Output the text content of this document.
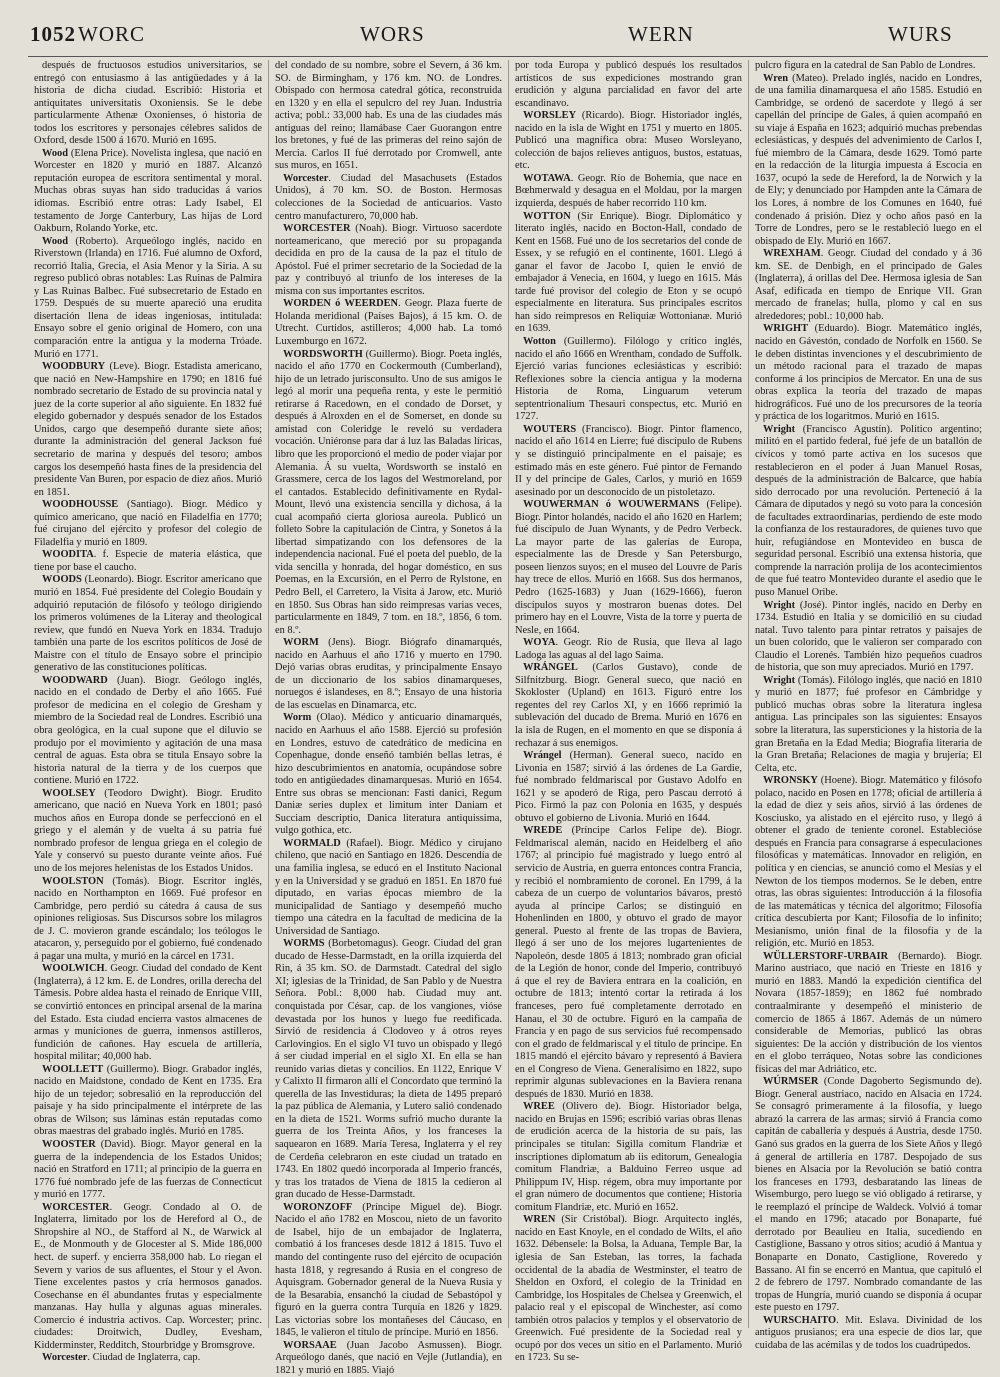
1052 WORC	WORS	WERN	WURS

después de fructuosos estudios universitarios, se entregó con entusiasmo á las antigüedades y á la historia de dicha ciudad. Escribió: Historia et antiquitates universitatis Oxoniensis. Se le debe particularmente Athenæ Oxonienses, ó historia de todos los escritores y personajes célebres salidos de Oxford, desde 1500 á 1670. Murió en 1695.

Wood (Elena Price). Novelista inglesa, que nació en Worcester en 1820 y murió en 1887. Alcanzó reputación europea de escritora sentimental y moral. Muchas obras suyas han sido traducidas á varios idiomas. Escribió entre otras: Lady Isabel, El testamento de Jorge Canterbury, Las hijas de Lord Oakburn, Rolando Yorke, etc.

Wood (Roberto). Arqueólogo inglés, nacido en Riverstown (Irlanda) en 1716. Fué alumno de Oxford, recorrió Italia, Grecia, el Asia Menor y la Siria. A su regreso publicó obras notables: Las Ruinas de Palmira y Las Ruinas Balbec. Fué subsecretario de Estado en 1759. Después de su muerte apareció una erudita disertación llena de ideas ingeniosas, intitulada: Ensayo sobre el genio original de Homero, con una comparación entre la antigua y la moderna Tróade. Murió en 1771.

WOODBURY (Leve). Biogr. Estadista americano, que nació en New-Hampshire en 1790; en 1816 fué nombrado secretario de Estado de su provincia natal y juez de la corte superior al año siguiente. En 1832 fué elegido gobernador y después senador de los Estados Unidos, cargo que desempeñó durante siete años; durante la administración del general Jackson fué secretario de marina y después del tesoro; ambos cargos los desempeñó hasta fines de la presidencia del presidente Van Buren, por espacio de diez años. Murió en 1851.

WOODHOUSSE (Santiago). Biogr. Médico y químico americano, que nació en Filadelfia en 1770; fué cirujano del ejército y profesor del colegio de Filadelfia y murió en 1809.

WOODITA. f. Especie de materia elástica, que tiene por base el caucho.

WOODS (Leonardo). Biogr. Escritor americano que murió en 1854. Fué presidente del Colegio Boudain y adquirió reputación de filósofo y teólogo dirigiendo los primeros volúmenes de la Literay and theological review, que fundó en Nueva York en 1834. Tradujo también una parte de los escritos políticos de José de Maistre con el título de Ensayo sobre el principio generativo de las constituciones políticas.

WOODWARD (Juan). Biogr. Geólogo inglés, nacido en el condado de Derby el año 1665. Fué profesor de medicina en el colegio de Gresham y miembro de la Sociedad real de Londres. Escribió una obra geológica, en la cual supone que el diluvio se produjo por el movimiento y agitación de una masa central de aguas. Esta obra se titula Ensayo sobre la historia natural de la tierra y de los cuerpos que contiene. Murió en 1722.

WOOLSEY (Teodoro Dwight). Biogr. Erudito americano, que nació en Nueva York en 1801; pasó muchos años en Europa donde se perfeccionó en el griego y el alemán y de vuelta á su patria fué nombrado profesor de lengua griega en el colegio de Yale y conservó su puesto durante veinte años. Fué uno de los mejores helenistas de los Estados Unidos.

WOOLSTON (Tomás). Biogr. Escritor inglés, nacido en Northampton en 1669. Fué profesor en Cambridge, pero perdió su cátedra á causa de sus opiniones religiosas. Sus Discursos sobre los milagros de J. C. movieron grande escándalo; los teólogos le atacaron, y, perseguido por el gobierno, fué condenado á pagar una multa, y murió en la cárcel en 1731.

WOOLWICH. Geogr. Ciudad del condado de Kent (Inglaterra), á 12 km. E. de Londres, orilla derecha del Támesis. Pobre aldea hasta el reinado de Enrique VIII, se convirtió entonces en principal arsenal de la marina del Estado. Esta ciudad encierra vastos almacenes de armas y municiones de guerra, inmensos astilleros, fundición de cañones. Hay escuela de artillería, hospital militar; 40,000 hab.

WOOLLETT (Guillermo). Biogr. Grabador inglés, nacido en Maidstone, condado de Kent en 1735. Era hijo de un tejedor; sobresalió en la reproducción del paisaje y ha sido principalmente el intérprete de las obras de Wilson; sus láminas están reputadas como obras maestras del grabado inglés. Murió en 1785.

WOOSTER (David). Biogr. Mayor general en la guerra de la independencia de los Estados Unidos; nació en Stratford en 1711; al principio de la guerra en 1776 fué nombrado jefe de las fuerzas de Connecticut y murió en 1777.

WORCESTER. Geogr. Condado al O. de Inglaterra, limitado por los de Hereford al O., de Shropshire al NO., de Stafford al N., de Warwick al E., de Monmouth y de Glocester al S. Mide 186,000 hect. de superf. y encierra 358,000 hab. Lo riegan el Severn y varios de sus afluentes, el Stour y el Avon. Tiene excelentes pastos y cría hermosos ganados. Cosechanse en él abundantes frutas y especialmente manzanas. Hay hulla y algunas aguas minerales. Comercio é industria activos. Cap. Worcester; princ. ciudades: Droitwich, Dudley, Evesham, Kidderminster, Redditch, Stourbridge y Bromsgrove.

Worcester. Ciudad de Inglaterra, cap.

del condado de su nombre, sobre el Severn, á 36 km. SO. de Birmingham, y 176 km. NO. de Londres. Obispado con hermosa catedral gótica, reconstruida en 1320 y en ella el sepulcro del rey Juan. Industria activa; pobl.: 33,000 hab. Es una de las ciudades más antiguas del reino; llamábase Caer Guorangon entre los bretones, y fué de las primeras del reino sajón de Mercia. Carlos II fué derrotado por Cromwell, ante sus muros, en 1651.

Worcester. Ciudad del Masachusets (Estados Unidos), á 70 km. SO. de Boston. Hermosas colecciones de la Sociedad de anticuarios. Vasto centro manufacturero, 70,000 hab.

WORCESTER (Noah). Biogr. Virtuoso sacerdote norteamericano, que mereció por su propaganda decidida en pro de la causa de la paz el título de Apóstol. Fué el primer secretario de la Sociedad de la paz y contribuyó al triunfo de los intereses de la misma con sus importantes escritos.

WORDEN ó WEERDEN. Geogr. Plaza fuerte de Holanda meridional (Países Bajos), á 15 km. O. de Utrecht. Curtidos, astilleros; 4,000 hab. La tomó Luxemburgo en 1672.

WORDSWORTH (Guillermo). Biogr. Poeta inglés, nacido el año 1770 en Cockermouth (Cumberland), hijo de un letrado jurisconsulto. Uno de sus amigos le legó al morir una pequeña renta, y este le permitió retirarse á Racedown, en el condado de Dorset, y después á Alroxden en el de Somerset, en donde su amistad con Coleridge le reveló su verdadera vocación. Uniéronse para dar á luz las Baladas líricas, libro que les proporcionó el medio de poder viajar por Alemania. Á su vuelta, Wordsworth se instaló en Grassmere, cerca de los lagos del Westmoreland, por el cantados. Establecido definitivamente en Rydal-Mount, llevó una existencia sencilla y dichosa, á la cual acompañó cierta gloriosa aureola. Publicó un folleto Sobre la capitulación de Cintra, y Sonetos á la libertad simpatizando con los defensores de la independencia nacional. Fué el poeta del pueblo, de la vida sencilla y honrada, del hogar doméstico, en sus Poemas, en la Excursión, en el Perro de Rylstone, en Pedro Bell, el Carretero, la Visita á Jarow, etc. Murió en 1850. Sus Obras han sido reimpresas varias veces, particularmente en 1849, 7 tom. en 18.º, 1856, 6 tom. en 8.º.

WORM (Jens). Biogr. Biógrafo dinamarqués, nacido en Aarhuus el año 1716 y muerto en 1790. Dejó varias obras eruditas, y principalmente Ensayo de un diccionario de los sabios dinamarqueses, noruegos é islandeses, en 8.º; Ensayo de una historia de las escuelas en Dinamarca, etc.

Worm (Olao). Médico y anticuario dinamarqués, nacido en Aarhuus el año 1588. Ejerció su profesión en Londres, estuvo de catedrático de medicina en Copenhague, donde enseñó también bellas letras, é hizo descubrimientos en anatomía, ocupándose sobre todo en antigüedades dinamarquesas. Murió en 1654. Entre sus obras se mencionan: Fasti danici, Regum Daniæ series duplex et limitum inter Daniam et Succiam descriptio, Danica literatura antiquissima, vulgo gothica, etc.

WORMALD (Rafael). Biogr. Médico y cirujano chileno, que nació en Santiago en 1826. Descendía de una familia inglesa, se educó en el Instituto Nacional y en la Universidad y se graduó en 1851. En 1870 fué diputado, en varias épocas miembro de la municipalidad de Santiago y desempeñó mucho tiempo una cátedra en la facultad de medicina de la Universidad de Santiago.

WORMS (Borbetomagus). Geogr. Ciudad del gran ducado de Hesse-Darmstadt, en la orilla izquierda del Rin, á 35 km. SO. de Darmstadt. Catedral del siglo XI; iglesias de la Trinidad, de San Pablo y de Nuestra Señora. Pobl.: 8,000 hab. Ciudad muy ant. conquistada por César, cap. de los vangiones, vióse devastada por los hunos y luego fue reedificada. Sirvió de residencia á Clodoveo y á otros reyes Carlovingios. En el siglo VI tuvo un obispado y llegó á ser ciudad imperial en el siglo XI. En ella se han reunido varias dietas y concilios. En 1122, Enrique V y Calixto II firmaron allí el Concordato que terminó la querella de las Investiduras; la dieta de 1495 preparó la paz pública de Alemania, y Lutero salió condenado en la dieta de 1521. Worms sufrió mucho durante la guerra de los Treinta Años, y los franceses la saquearon en 1689. María Teresa, Inglaterra y el rey de Cerdeña celebraron en este ciudad un tratado en 1743. En 1802 quedó incorporada al Imperio francés, y tras los tratados de Viena de 1815 la cedieron al gran ducado de Hesse-Darmstadt.

WORONZOFF (Príncipe Miguel de). Biogr. Nacido el año 1782 en Moscou, nieto de un favorito de Isabel, hijo de un embajador de Inglaterra, combatió á los franceses desde 1812 á 1815. Tuvo el mando del contingente ruso del ejército de ocupación hasta 1818, y regresando á Rusia en el congreso de Aquisgram. Gobernador general de la Nueva Rusia y de la Besarabia, ensanchó la ciudad de Sebastópol y figuró en la guerra contra Turquía en 1826 y 1829. Las victorias sobre los montañeses del Cáucaso, en 1845, le valieron el título de príncipe. Murió en 1856.

WORSAAE (Juan Jacobo Asmussen). Biogr. Arqueólogo danés, que nació en Vejle (Jutlandia), en 1821 y murió en 1885. Viajó

por toda Europa y publicó después los resultados artísticos de sus expediciones mostrando gran erudición y alguna parcialidad en favor del arte escandinavo.

WORSLEY (Ricardo). Biogr. Historiador inglés, nacido en la isla de Wight en 1751 y muerto en 1805. Publicó una magnífica obra: Museo Worsleyano, colección de bajos relieves antiguos, bustos, estatuas, etc.

WOTAWA. Geogr. Río de Bohemia, que nace en Bœhmerwald y desagua en el Moldau, por la margen izquierda, después de haber recorrido 110 km.

WOTTON (Sir Enrique). Biogr. Diplomático y literato inglés, nacido en Bocton-Hall, condado de Kent en 1568. Fué uno de los secretarios del conde de Essex, y se refugió en el continente, 1601. Llegó á ganar el favor de Jacobo I, quien le envió de embajador á Venecia, en 1604, y luego en 1615. Más tarde fué provisor del colegio de Eton y se ocupó especialmente en literatura. Sus principales escritos han sido reimpresos en Reliquiæ Wottonianæ. Murió en 1639.

Wotton (Guillermo). Filólogo y crítico inglés, nacido el año 1666 en Wrentham, condado de Suffolk. Ejerció varias funciones eclesiásticas y escribió: Reflexiones sobre la ciencia antigua y la moderna Historia de Roma, Linguarum veterum septentrionalium Thesauri conspectus, etc. Murió en 1727.

WOUTERS (Francisco). Biogr. Pintor flamenco, nacido el año 1614 en Lierre; fué discípulo de Rubens y se distinguió principalmente en el paisaje; es estimado más en este género. Fué pintor de Fernando II y del príncipe de Gales, Carlos, y murió en 1659 asesinado por un desconocido de un pistoletazo.

WOUWERMAN ó WOUWERMANS (Felipe). Biogr. Pintor holandés, nacido el año 1620 en Harlem; fué discípulo de Juan Wynants, y de Pedro Verbeck. La mayor parte de las galerías de Europa, especialmente las de Dresde y San Petersburgo, poseen lienzos suyos; en el museo del Louvre de París hay trece de ellos. Murió en 1668. Sus dos hermanos, Pedro (1625-1683) y Juan (1629-1666), fueron discípulos suyos y mostraron buenas dotes. Del primero hay en el Louvre, Vista de la torre y puerta de Nesle, en 1664.

WOYA. Geogr. Río de Rusia, que lleva al lago Ladoga las aguas al del lago Saima.

WRÁNGEL (Carlos Gustavo), conde de Silfnitzburg. Biogr. General sueco, que nació en Skokloster (Upland) en 1613. Figuró entre los regentes del rey Carlos XI, y en 1666 reprimió la sublevación del ducado de Brema. Murió en 1676 en la isla de Rugen, en el momento en que se disponía á rechazar á sus enemigos.

Wrángel (Herman). General sueco, nacido en Livonia en 1587; sirvió á las órdenes de La Gardie, fué nombrado feldmariscal por Gustavo Adolfo en 1621 y se apoderó de Riga, pero Pascau derrotó á Pico. Firmó la paz con Polonia en 1635, y después obtuvo el gobierno de Livonia. Murió en 1644.

WREDE (Príncipe Carlos Felipe de). Biogr. Feldmariscal alemán, nacido en Heidelberg el año 1767; al principio fué magistrado y luego entró al servicio de Austria, en guerra entonces contra Francia, y recibió el nombramiento de coronel. En 1799, á la cabeza de un cuerpo de voluntarios bávaros, prestó ayuda al príncipe Carlos; se distinguió en Hohenlinden en 1800, y obtuvo el grado de mayor general. Puesto al frente de las tropas de Baviera, llegó á ser uno de los mejores lugartenientes de Napoleón, desde 1805 á 1813; nombrado gran oficial de la Legión de honor, conde del Imperio, contribuyó á que el rey de Baviera entrara en la coalición, en octubre de 1813; intentó cortar la retirada á los franceses, pero fué completamente derrotado en Hanau, el 30 de octubre. Figuró en la campaña de Francia y en pago de sus servicios fué recompensado con el grado de feldmariscal y el título de príncipe. En 1815 mandó el ejército bávaro y representó á Baviera en el Congreso de Viena. Generalísimo en 1822, supo reprimir algunas sublevaciones en la Baviera renana después de 1830. Murió en 1838.

WREE (Olivero de). Biogr. Historiador belga, nacido en Brujas en 1596; escribió varias obras llenas de erudición acerca de la historia de su país, las principales se titulan: Sigilla comitum Flandriæ et inscriptiones diplomatum ab iis editorum, Genealogia comitum Flandriæ, a Balduino Ferreo usque ad Philippum IV, Hisp. régem, obra muy importante por el gran número de documentos que contiene; Historia comitum Flandriæ, etc. Murió en 1652.

WREN (Sir Cristóbal). Biogr. Arquitecto inglés, nacido en East Knoyle, en el condado de Wilts, el año 1632. Débensele: la Bolsa, la Aduana, Temple Bar, la iglesia de San Esteban, las torres, la fachada occidental de la abadía de Westminster, el teatro de Sheldon en Oxford, el colegio de la Trinidad en Cambridge, los Hospitales de Chelsea y Greenwich, el palacio real y el episcopal de Winchester, así como también otros palacios y templos y el observatorio de Greenwich. Fué presidente de la Sociedad real y ocupó por dos veces un sitio en el Parlamento. Murió en 1723. Su se-

pulcro figura en la catedral de San Pablo de Londres.

Wren (Mateo). Prelado inglés, nacido en Londres, de una familia dinamarquesa el año 1585. Estudió en Cambridge, se ordenó de sacerdote y llegó á ser capellán del príncipe de Gales, á quien acompañó en su viaje á España en 1623; adquirió muchas prebendas eclesiásticas, y después del advenimiento de Carlos I, fué miembro de la Cámara, desde 1629. Tomó parte en la redacción de la liturgia impuesta á Escocia en 1637, ocupó la sede de Hereford, la de Norwich y la de Ely; y denunciado por Hampden ante la Cámara de los Lores, á nombre de los Comunes en 1640, fué condenado á prisión. Diez y ocho años pasó en la Torre de Londres, pero se le restableció luego en el obispado de Ely. Murió en 1667.

WREXHAM. Geogr. Ciudad del condado y á 36 km. SE. de Denbigh, en el principado de Gales (Inglaterra), á orillas del Dee. Hermosa iglesia de San Asaf, edificada en tiempo de Enrique VII. Gran mercado de franelas; hulla, plomo y cal en sus alrededores; pobl.: 10,000 hab.

WRIGHT (Eduardo). Biogr. Matemático inglés, nacido en Gávestón, condado de Norfolk en 1560. Se le deben distintas invenciones y el descubrimiento de un método racional para el trazado de mapas conforme á los principios de Mercator. En una de sus obras explica la teoría del trazado de mapas hidrográficos. Fué uno de los precursores de la teoría y práctica de los logaritmos. Murió en 1615.

Wright (Francisco Agustín). Político argentino; militó en el partido federal, fué jefe de un batallón de cívicos y tomó parte activa en los sucesos que restablecieron en el poder á Juan Manuel Rosas, después de la administración de Balcarce, que había sido derrocado por una revolución. Perteneció á la Cámara de diputados y negó su voto para la concesión de facultades extraordinarias, perdiendo de este modo la confianza de los restauradores, de quienes tuvo que huir, refugiándose en Montevideo en busca de seguridad personal. Escribió una extensa historia, que comprende la narración prolija de los acontecimientos de que fué teatro Montevideo durante el asedio que le puso Manuel Oribe.

Wright (José). Pintor inglés, nacido en Derby en 1734. Estudió en Italia y se domicilió en su ciudad natal. Tuvo talento para pintar retratos y paisajes de un buen colorido, que le valieron ser comparado con Claudio el Lorenés. También hizo pequeños cuadros de historia, que son muy apreciados. Murió en 1797.

Wright (Tomás). Filólogo inglés, que nació en 1810 y murió en 1877; fué profesor en Cámbridge y publicó muchas obras sobre la literatura inglesa antigua. Las principales son las siguientes: Ensayos sobre la literatura, las supersticiones y la historia de la gran Bretaña en la Edad Media; Biografía literaria de la Gran Bretaña; Relaciones de magia y brujería; El Celta, etc.

WRONSKY (Hoene). Biogr. Matemático y filósofo polaco, nacido en Posen en 1778; oficial de artillería á la edad de diez y seis años, sirvió á las órdenes de Kosciusko, ya alistado en el ejército ruso, y llegó á obtener el grado de teniente coronel. Establecióse después en Francia para consagrarse á especulaciones filosóficas y matemáticas. Innovador en religión, en política y en ciencias, se anunció como el Mesías y el Newton de los tiempos modernos. Se le deben, entre otras, las obras siguientes: Introducción á la filosofía de las matemáticas y técnica del algoritmo; Filosofía crítica descubierta por Kant; Filosofía de lo infinito; Mesianismo, unión final de la filosofía y de la religión, etc. Murió en 1853.

WÜLLERSTORF-URBAIR (Bernardo). Biogr. Marino austriaco, que nació en Trieste en 1816 y murió en 1883. Mandó la expedición científica del Novara (1857-1859); en 1862 fué nombrado contraalmirante y desempeñó el ministerio de comercio de 1865 á 1867. Además de un número considerable de Memorias, publicó las obras siguientes: De la acción y distribución de los vientos en el globo terráqueo, Notas sobre las condiciones físicas del mar Adriático, etc.

WÚRMSER (Conde Dagoberto Segismundo de). Biogr. General austriaco, nacido en Alsacia en 1724. Se consagró primeramente á la filosofía, y luego abrazó la carrera de las armas; sirvió á Francia como capitán de caballería y después á Austria, desde 1750. Ganó sus grados en la guerra de los Siete Años y llegó á general de artillería en 1787. Despojado de sus bienes en Alsacia por la Revolución se batió contra los franceses en 1793, desbaratando las líneas de Wisemburgo, pero luego se vió obligado á retirarse, y le reemplazó el príncipe de Waldeck. Volvió á tomar el mando en 1796; atacado por Bonaparte, fué derrotado por Beaulieu en Italia, sucediendo en Castiglione, Bassano y otros sitios; acudió á Mantua y Bonaparte en Donato, Castiglione, Roveredo y Bassano. Al fin se encerró en Mantua, que capituló el 2 de febrero de 1797. Nombrado comandante de las tropas de Hungría, murió cuando se disponía á ocupar este puesto en 1797.

WURSCHAITO. Mit. Eslava. Divinidad de los antiguos prusianos; era una especie de dios lar, que cuidaba de las acémilas y de todos los cuadrúpedos.
